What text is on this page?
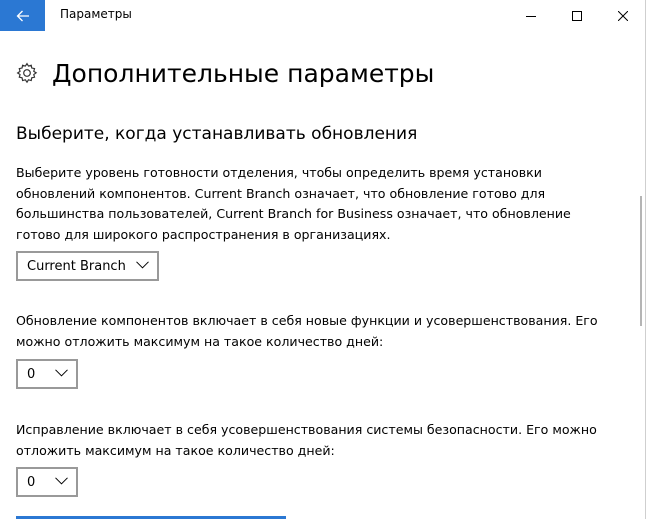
Параметры
Дополнительные параметры
Выберите, когда устанавливать обновления

Выберите уровень готовности отделения, чтобы определить время установки обновлений компонентов. Current Branch означает, что обновление готово для большинства пользователей, Current Branch for Business означает, что обновление готово для широкого распространения в организациях.

Current Branch

Обновление компонентов включает в себя новые функции и усовершенствования. Его можно отложить максимум на такое количество дней:

0

Исправление включает в себя усовершенствования системы безопасности. Его можно отложить максимум на такое количество дней:

0
